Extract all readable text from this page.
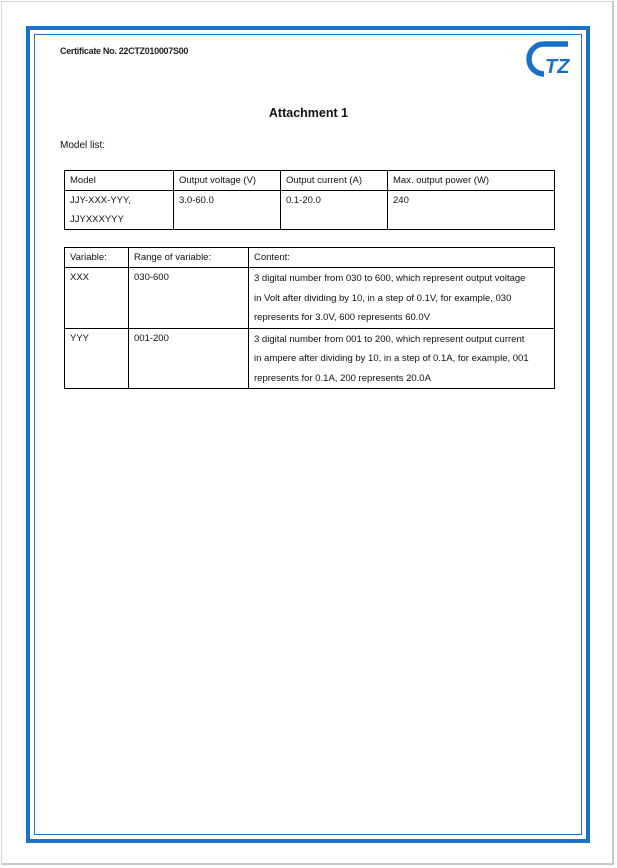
Certificate No. 22CTZ010007S00
TZ
Attachment 1
Model list:
Model	Output voltage (V)	Output current (A)	Max. output power (W)

JJY-XXX-YYY,
JJYXXXYYY	3.0-60.0	0.1-20.0	240
Variable:	Range of variable:	Content:
XXX	030-600	3 digital number from 030 to 600, which represent output voltage
in Volt after dividing by 10, in a step of 0.1V, for example, 030
represents for 3.0V, 600 represents 60.0V

YYY	001-200	3 digital number from 001 to 200, which represent output current
in ampere after dividing by 10, in a step of 0.1A, for example, 001
represents for 0.1A, 200 represents 20.0A
